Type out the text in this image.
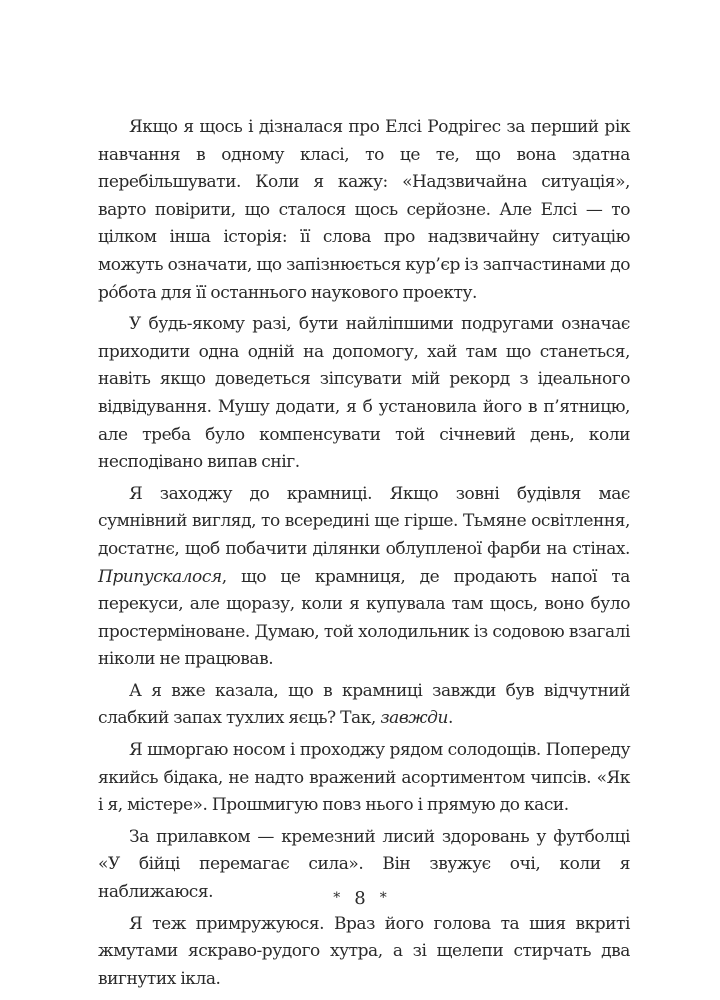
Якщо я щось і дізналася про Елсі Родрігес за перший рік навчання в одному класі, то це те, що вона здатна перебільшувати. Коли я кажу: «Надзвичайна ситуація», варто повірити, що сталося щось серйозне. Але Елсі — то цілком інша історія: її слова про надзвичайну ситуацію можуть означати, що запізнюється кур’єр із запчастинами до рóбота для її останнього наукового проекту.

У будь-якому разі, бути найліпшими подругами означає приходити одна одній на допомогу, хай там що станеться, навіть якщо доведеться зіпсувати мій рекорд з ідеального відвідування. Мушу додати, я б установила його в п’ятницю, але треба було компенсувати той січневий день, коли несподівано випав сніг.

Я заходжу до крамниці. Якщо зовні будівля має сумнівний вигляд, то всередині ще гірше. Тьмяне освітлення, достатнє, щоб побачити ділянки облупленої фарби на стінах. Припускалося, що це крамниця, де продають напої та перекуси, але щоразу, коли я купувала там щось, воно було простерміноване. Думаю, той холодильник із содовою взагалі ніколи не працював.

А я вже казала, що в крамниці завжди був відчутний слабкий запах тухлих яєць? Так, завжди.

Я шморгаю носом і проходжу рядом солодощів. Попереду якийсь бідака, не надто вражений асортиментом чипсів. «Як і я, містере». Прошмигую повз нього і прямую до каси.

За прилавком — кремезний лисий здоровань у футболці «У бійці перемагає сила». Він звужує очі, коли я наближаюся.

Я теж примружуюся. Враз його голова та шия вкриті жмутами яскраво-рудого хутра, а зі щелепи стирчать два вигнутих ікла.

* 8 *
